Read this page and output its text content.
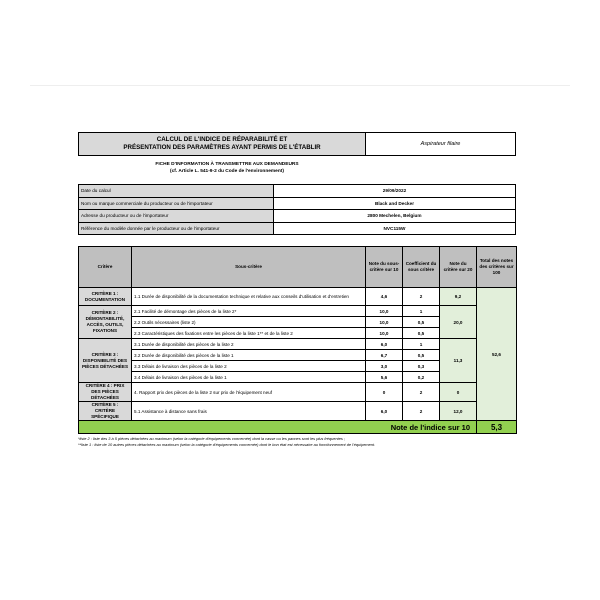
CALCUL DE L'INDICE DE RÉPARABILITÉ ET
PRÉSENTATION DES PARAMÈTRES AYANT PERMIS DE L'ÉTABLIR	Aspirateur filaire
FICHE D'INFORMATION À TRANSMETTRE AUX DEMANDEURS
(cf. Article L. 541-9-2 du Code de l'environnement)
Date du calcul	29/09/2022
Nom ou marque commerciale du producteur ou de l'importateur	Black and Decker
Adresse du producteur ou de l'importateur	2800 Mechelen, Belgium
Référence du modèle donnée par le producteur ou de l'importateur	NVC115W
Critère	Sous-critère	Note du sous-critère sur 10	Coefficient du sous critère	Note du critère sur 20	Total des notes des critères sur 100
CRITÈRE 1 : DOCUMENTATION	1.1 Durée de disponibilité de la documentation technique et relative aux conseils d'utilisation et d'entretien	4,6	2	9,2	52,6
CRITÈRE 2 : DÉMONTABILITÉ, ACCÈS, OUTILS, FIXATIONS	2.1 Facilité de démontage des pièces de la liste 2*	10,0	1	20,0	
	2.2 Outils nécessaires (liste 2)	10,0	0,5		
	2.3 Caractéristiques des fixations entre les pièces de la liste 1** et de la liste 2	10,0	0,5		
CRITÈRE 3 : DISPONIBILITÉ DES PIÈCES DÉTACHÉES	3.1 Durée de disponibilité des pièces de la liste 2	6,0	1	11,3	
	3.2 Durée de disponibilité des pièces de la liste 1	6,7	0,5		
	3.3 Délais de livraison des pièces de la liste 2	3,0	0,3		
	3.4 Délais de livraison des pièces de la liste 1	5,6	0,2		
CRITÈRE 4 : PRIX DES PIÈCES DÉTACHÉES	4. Rapport prix des pièces de la liste 2 sur prix de l'équipement neuf	0	2	0	
CRITÈRE 5 : CRITÈRE SPÉCIFIQUE	5.1 Assistance à distance sans frais	6,0	2	12,0	
Note de l'indice sur 10					5,3
*liste 2 : liste des 3 à 5 pièces détachées au maximum (selon la catégorie d'équipements concernée) dont la casse ou les pannes sont les plus fréquentes ;
**liste 1 : liste de 10 autres pièces détachées au maximum (selon la catégorie d'équipements concernée) dont le bon état est nécessaire au fonctionnement de l'équipement.
